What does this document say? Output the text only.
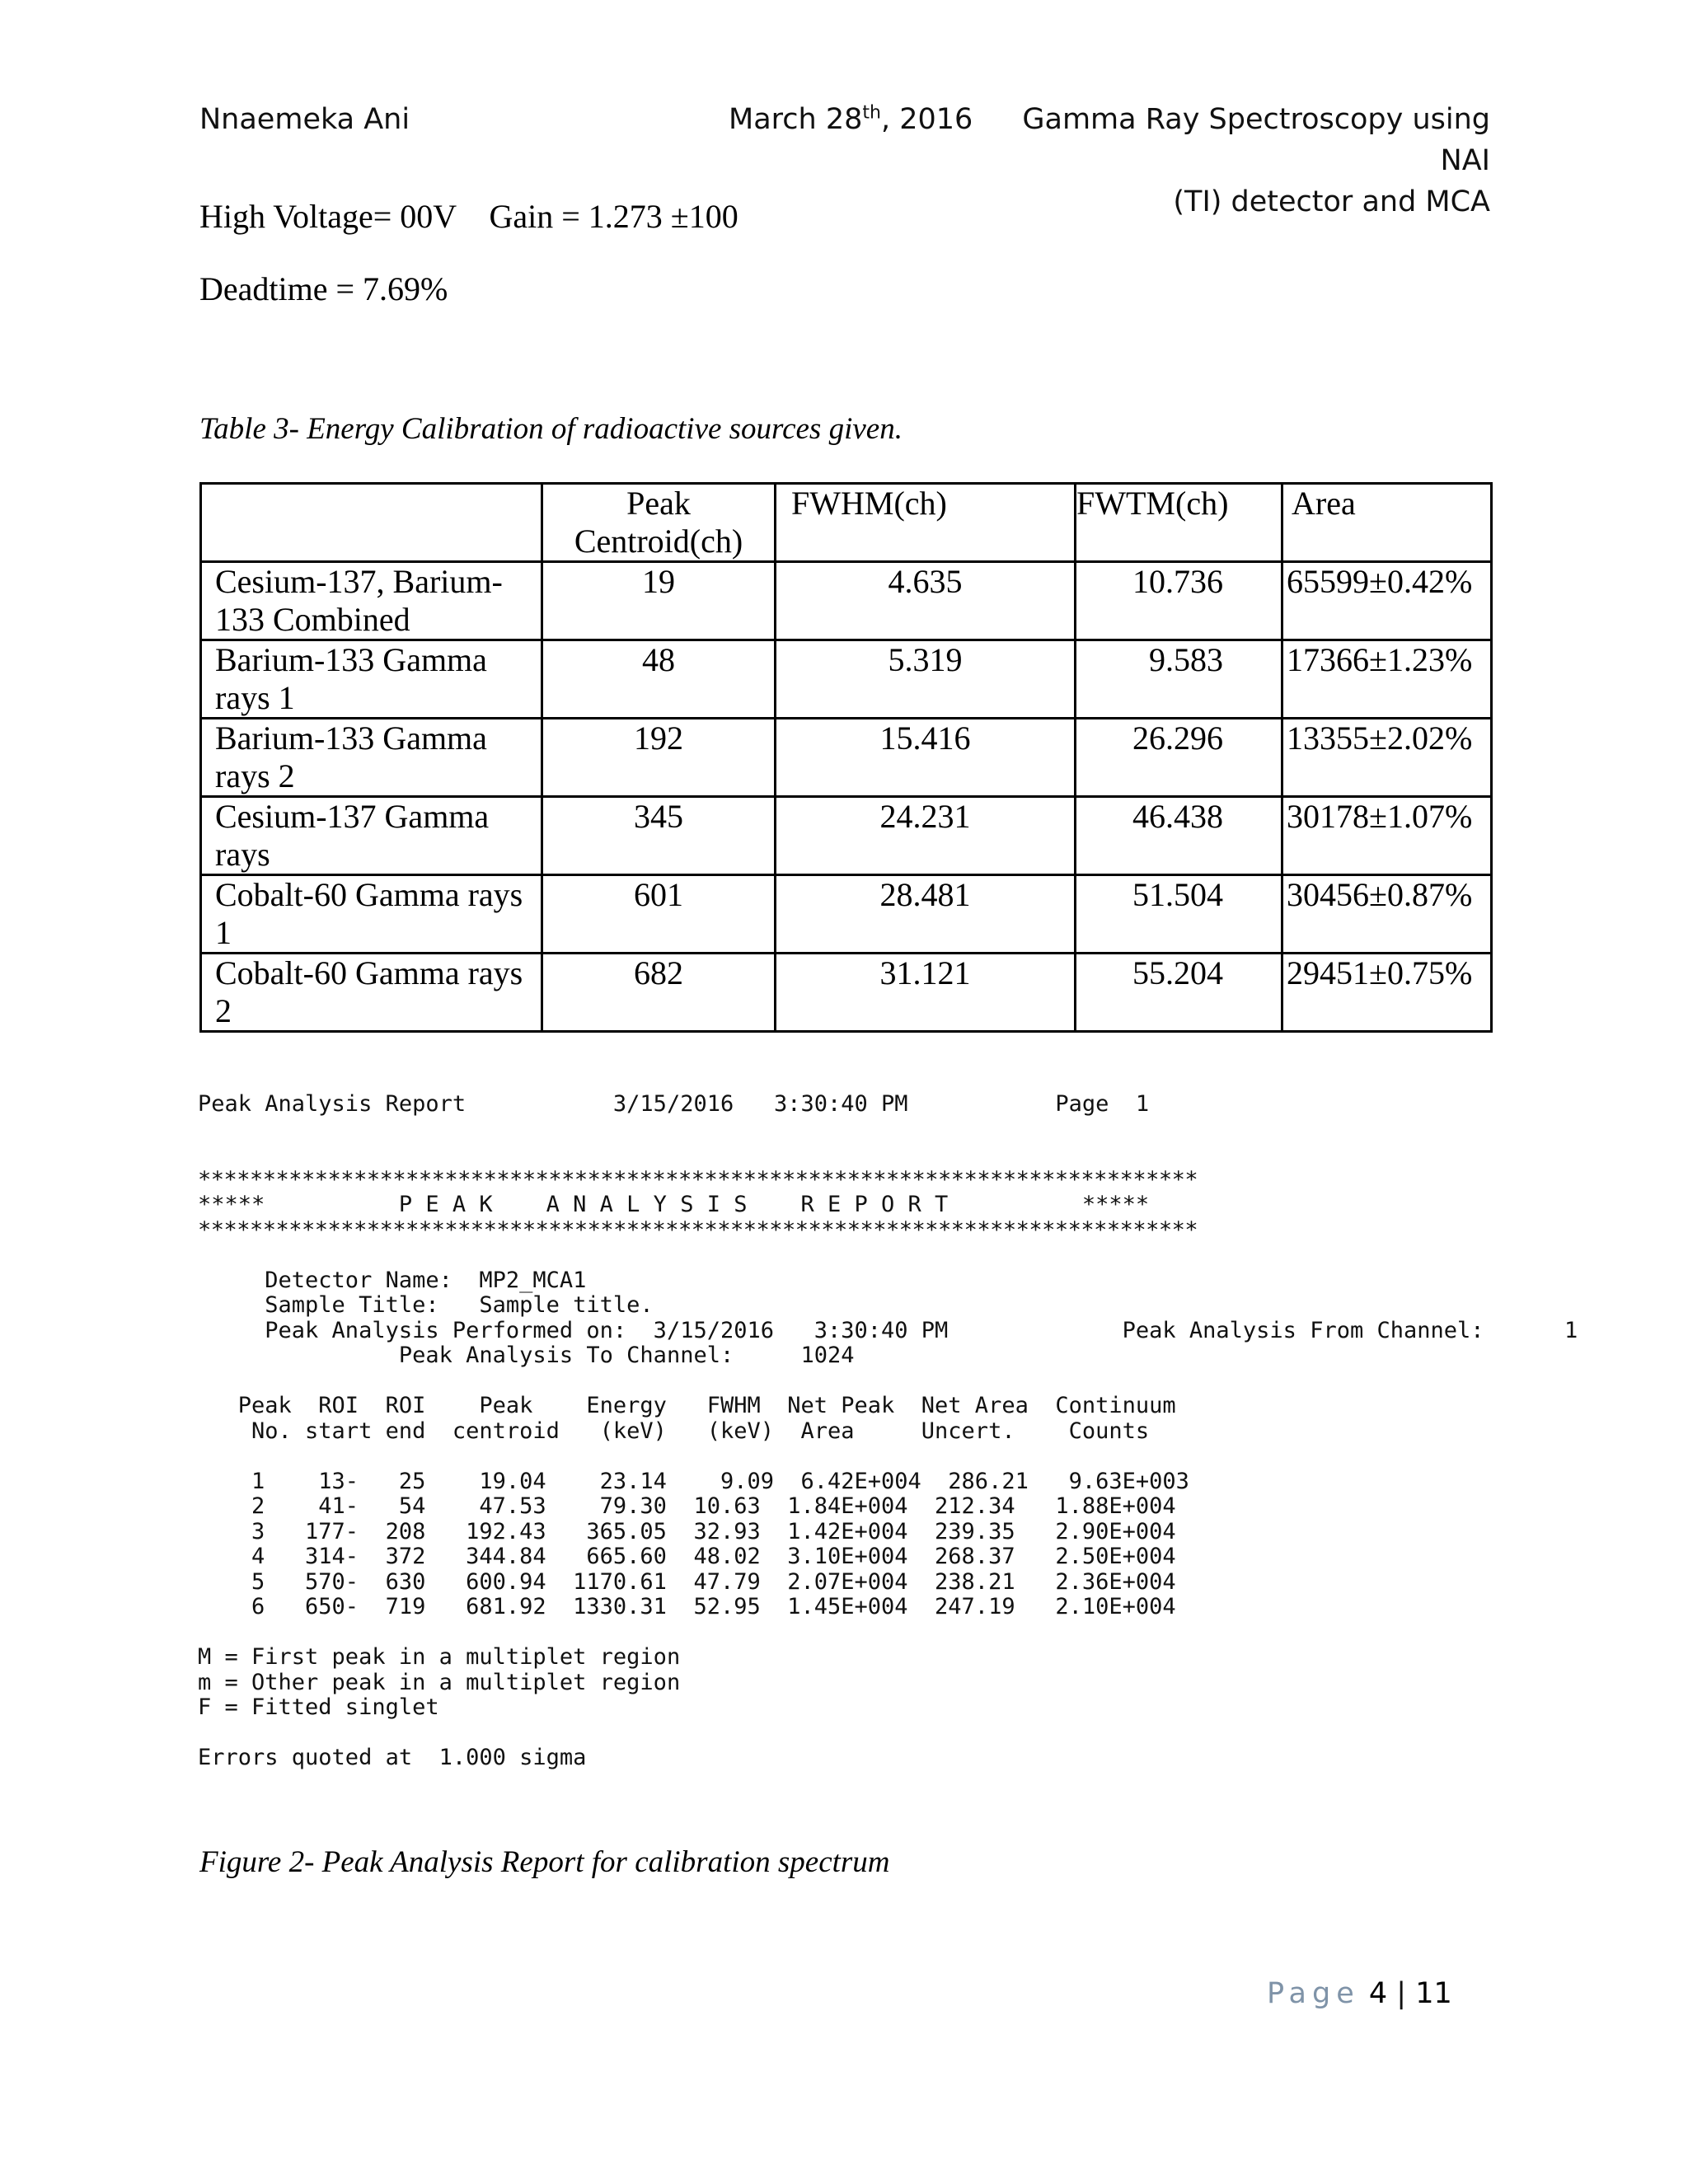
Nnaemeka Ani	March 28th, 2016	Gamma Ray Spectroscopy using NAI
(TI) detector and MCA
High Voltage= 00V    Gain = 1.273 ±100
Deadtime = 7.69%
Table 3- Energy Calibration of radioactive sources given.
	Peak Centroid(ch)	FWHM(ch)	FWTM(ch)	Area
Cesium-137, Barium-133 Combined	19	4.635	10.736	65599±0.42%
Barium-133 Gamma rays 1	48	5.319	9.583	17366±1.23%
Barium-133 Gamma rays 2	192	15.416	26.296	13355±2.02%
Cesium-137 Gamma rays	345	24.231	46.438	30178±1.07%
Cobalt-60 Gamma rays 1	601	28.481	51.504	30456±0.87%
Cobalt-60 Gamma rays 2	682	31.121	55.204	29451±0.75%
Peak Analysis Report           3/15/2016   3:30:40 PM           Page  1

*****************************************************************************
*****          P E A K    A N A L Y S I S    R E P O R T          *****
*****************************************************************************

Detector Name:  MP2_MCA1
Sample Title:   Sample title.
Peak Analysis Performed on:  3/15/2016   3:30:40 PM             Peak Analysis From Channel:      1
Peak Analysis To Channel:     1024

Peak  ROI  ROI    Peak    Energy   FWHM  Net Peak  Net Area  Continuum
No. start end  centroid   (keV)   (keV)  Area     Uncert.    Counts

1    13-   25    19.04    23.14    9.09  6.42E+004  286.21   9.63E+003
2    41-   54    47.53    79.30  10.63  1.84E+004  212.34   1.88E+004
3   177-  208   192.43   365.05  32.93  1.42E+004  239.35   2.90E+004
4   314-  372   344.84   665.60  48.02  3.10E+004  268.37   2.50E+004
5   570-  630   600.94  1170.61  47.79  2.07E+004  238.21   2.36E+004
6   650-  719   681.92  1330.31  52.95  1.45E+004  247.19   2.10E+004

M = First peak in a multiplet region
m = Other peak in a multiplet region
F = Fitted singlet

Errors quoted at  1.000 sigma
Figure 2- Peak Analysis Report for calibration spectrum
Page 4 | 11
